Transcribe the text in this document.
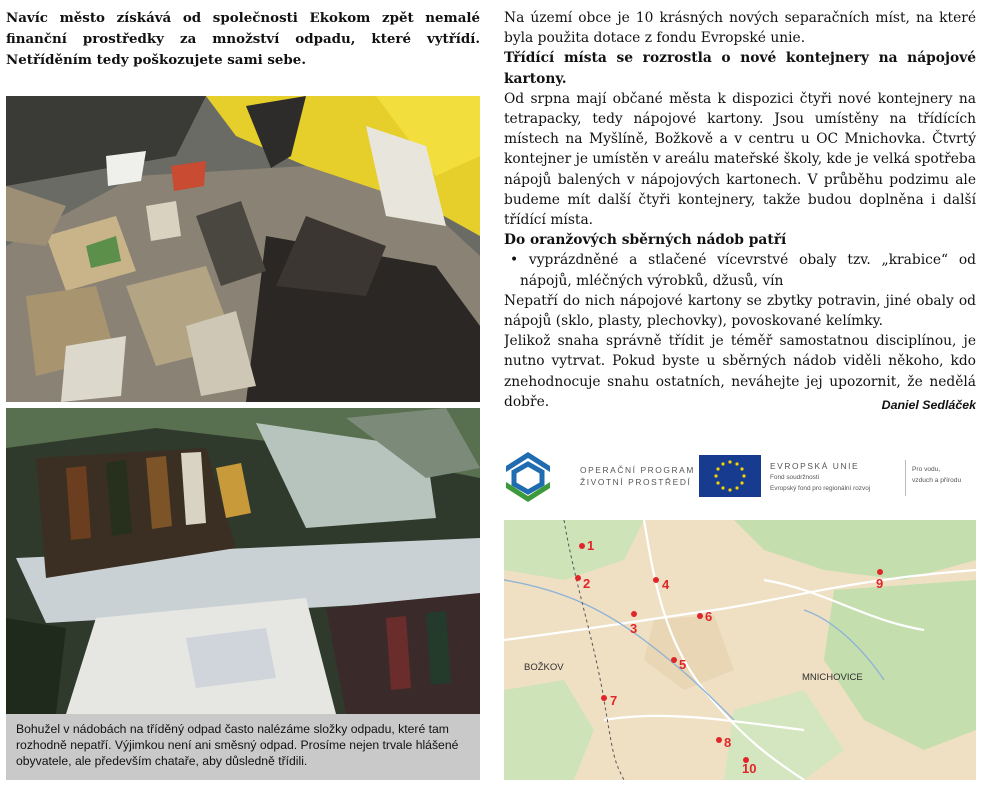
Navíc město získává od společnosti Ekokom zpět nemalé finanční prostředky za množství odpadu, které vytřídí. Netříděním tedy poškozujete sami sebe.

Bohužel v nádobách na tříděný odpad často nalézáme složky odpadu, které tam rozhodně nepatří. Výjimkou není ani směsný odpad. Prosíme nejen trvale hlášené obyvatele, ale především chataře, aby důsledně třídili.

Na území obce je 10 krásných nových separačních míst, na které byla použita dotace z fondu Evropské unie.

Třídící místa se rozrostla o nové kontejnery na nápojové kartony.

Od srpna mají občané města k dispozici čtyři nové kontejnery na tetrapacky, tedy nápojové kartony. Jsou umístěny na třídících místech na Myšlíně, Božkově a v centru u OC Mnichovka. Čtvrtý kontejner je umístěn v areálu mateřské školy, kde je velká spotřeba nápojů balených v nápojových kartonech. V průběhu podzimu ale budeme mít další čtyři kontejnery, takže budou doplněna i další třídící místa.

Do oranžových sběrných nádob patří

• vyprázdněné a stlačené vícevrstvé obaly tzv. „krabice“ od nápojů, mléčných výrobků, džusů, vín

Nepatří do nich nápojové kartony se zbytky potravin, jiné obaly od nápojů (sklo, plasty, plechovky), povoskované kelímky.

Jelikož snaha správně třídit je téměř samostatnou disciplínou, je nutno vytrvat. Pokud byste u sběrných nádob viděli někoho, kdo znehodnocuje snahu ostatních, neváhejte jej upozornit, že nedělá dobře.	Daniel Sedláček

OPERAČNÍ PROGRAM
ŽIVOTNÍ PROSTŘEDÍ
EVROPSKÁ UNIE
Fond soudržnosti
Evropský fond pro regionální rozvoj
Pro vodu,
vzduch a přírodu
1
2
3
4
5
6
7
8
9
10
BOŽKOV
MNICHOVICE
